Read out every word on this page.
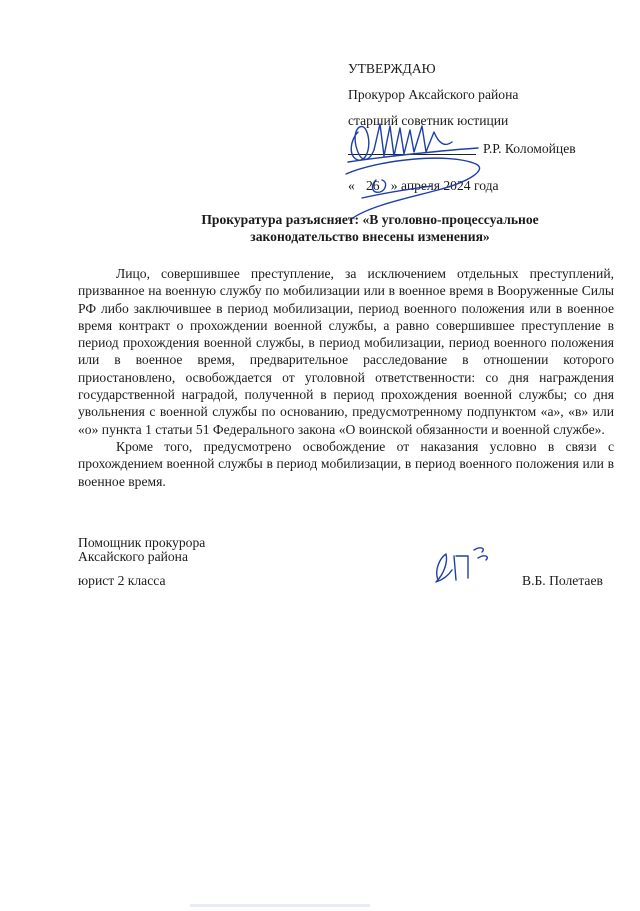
УТВЕРЖДАЮ
Прокурор Аксайского района
старший советник юстиции
Р.Р. Коломойцев
« 26 » апреля 2024 года
Прокуратура разъясняет: «В уголовно-процессуальное
законодательство внесены изменения»

Лицо, совершившее преступление, за исключением отдельных преступлений, призванное на военную службу по мобилизации или в военное время в Вооруженные Силы РФ либо заключившее в период мобилизации, период военного положения или в военное время контракт о прохождении военной службы, а равно совершившее преступление в период прохождения военной службы, в период мобилизации, период военного положения или в военное время, предварительное расследование в отношении которого приостановлено, освобождается от уголовной ответственности: со дня награждения государственной наградой, полученной в период прохождения военной службы; со дня увольнения с военной службы по основанию, предусмотренному подпунктом «а», «в» или «о» пункта 1 статьи 51 Федерального закона «О воинской обязанности и военной службе».

Кроме того, предусмотрено освобождение от наказания условно в связи с прохождением военной службы в период мобилизации, в период военного положения или в военное время.

Помощник прокурора
Аксайского района
юрист 2 класса	В.Б. Полетаев
